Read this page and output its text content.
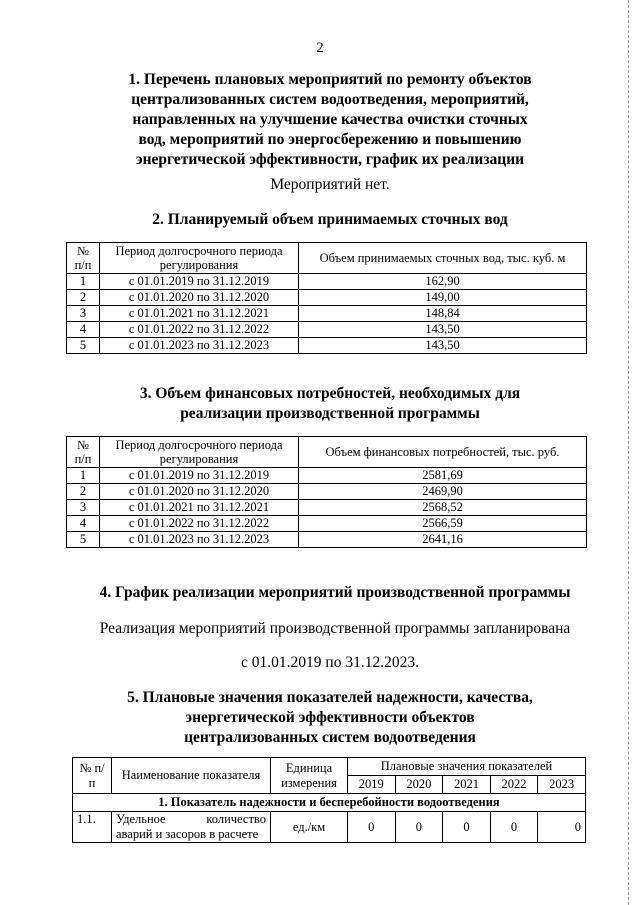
2
1. Перечень плановых мероприятий по ремонту объектов
централизованных систем водоотведения, мероприятий,
направленных на улучшение качества очистки сточных
вод, мероприятий по энергосбережению и повышению
энергетической эффективности, график их реализации
Мероприятий нет.
2. Планируемый объем принимаемых сточных вод
№ п/п	Период долгосрочного периода регулирования	Объем принимаемых сточных вод, тыс. куб. м
1	с 01.01.2019 по 31.12.2019	162,90
2	с 01.01.2020 по 31.12.2020	149,00
3	с 01.01.2021 по 31.12.2021	148,84
4	с 01.01.2022 по 31.12.2022	143,50
5	с 01.01.2023 по 31.12.2023	143,50
3. Объем финансовых потребностей, необходимых для
реализации производственной программы
№ п/п	Период долгосрочного периода регулирования	Объем финансовых потребностей, тыс. руб.
1	с 01.01.2019 по 31.12.2019	2581,69
2	с 01.01.2020 по 31.12.2020	2469,90
3	с 01.01.2021 по 31.12.2021	2568,52
4	с 01.01.2022 по 31.12.2022	2566,59
5	с 01.01.2023 по 31.12.2023	2641,16
4. График реализации мероприятий производственной программы
Реализация мероприятий производственной программы запланирована
с 01.01.2019 по 31.12.2023.
5. Плановые значения показателей надежности, качества,
энергетической эффективности объектов
централизованных систем водоотведения
№ п/п	Наименование показателя	Единица измерения	Плановые значения показателей				
			2019	2020	2021	2022	2023
1. Показатель надежности и бесперебойности водоотведения							
1.1.	Удельное количество аварий и засоров в расчете	ед./км	0	0	0	0	0
